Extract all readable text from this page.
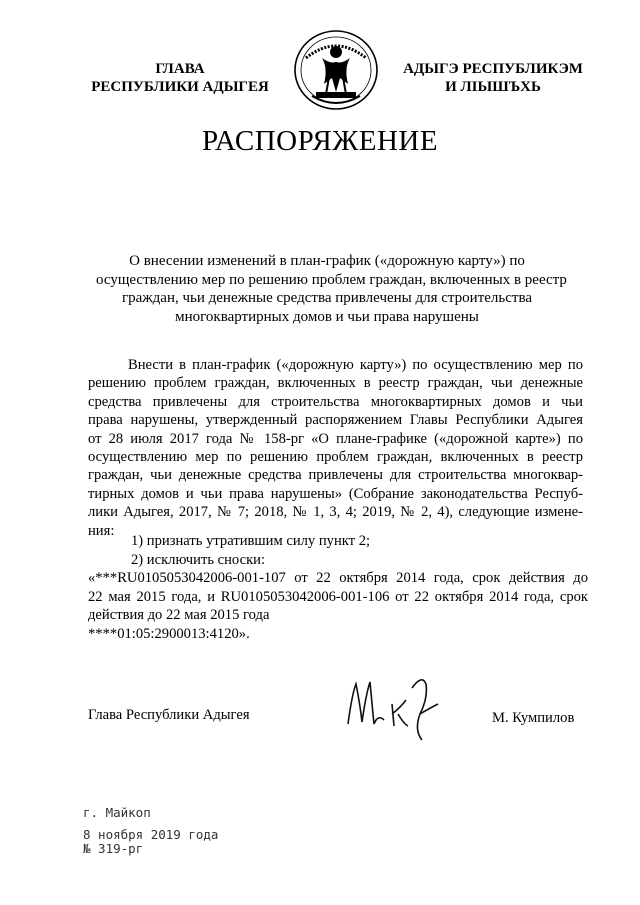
ГЛАВА
РЕСПУБЛИКИ АДЫГЕЯ
АДЫГЭ РЕСПУБЛИКЭМ
И ЛІЫШЪХЬ
РАСПОРЯЖЕНИЕ
О внесении изменений в план-график («дорожную карту») по
осуществлению мер по решению проблем граждан, включенных в реестр
граждан, чьи денежные средства привлечены для строительства
многоквартирных домов и чьи права нарушены
Внести в план-график («дорожную карту») по осуществлению мер по
решению проблем граждан, включенных в реестр граждан, чьи денежные
средства привлечены для строительства многоквартирных домов и чьи
права нарушены, утвержденный распоряжением Главы Республики Адыгея
от 28 июля 2017 года № 158-рг «О плане-графике («дорожной карте») по
осуществлению мер по решению проблем граждан, включенных в реестр
граждан, чьи денежные средства привлечены для строительства многоквар-
тирных домов и чьи права нарушены» (Собрание законодательства Респуб-
лики Адыгея, 2017, № 7; 2018, № 1, 3, 4; 2019, № 2, 4), следующие измене-
ния:
1) признать утратившим силу пункт 2;
2) исключить сноски:
«***RU0105053042006-001-107 от 22 октября 2014 года, срок действия до
22 мая 2015 года, и RU0105053042006-001-106 от 22 октября 2014 года, срок
действия до 22 мая 2015 года
****01:05:2900013:4120».
Глава Республики Адыгея	М. Кумпилов
г. Майкоп
8 ноября 2019 года
№ 319-рг
